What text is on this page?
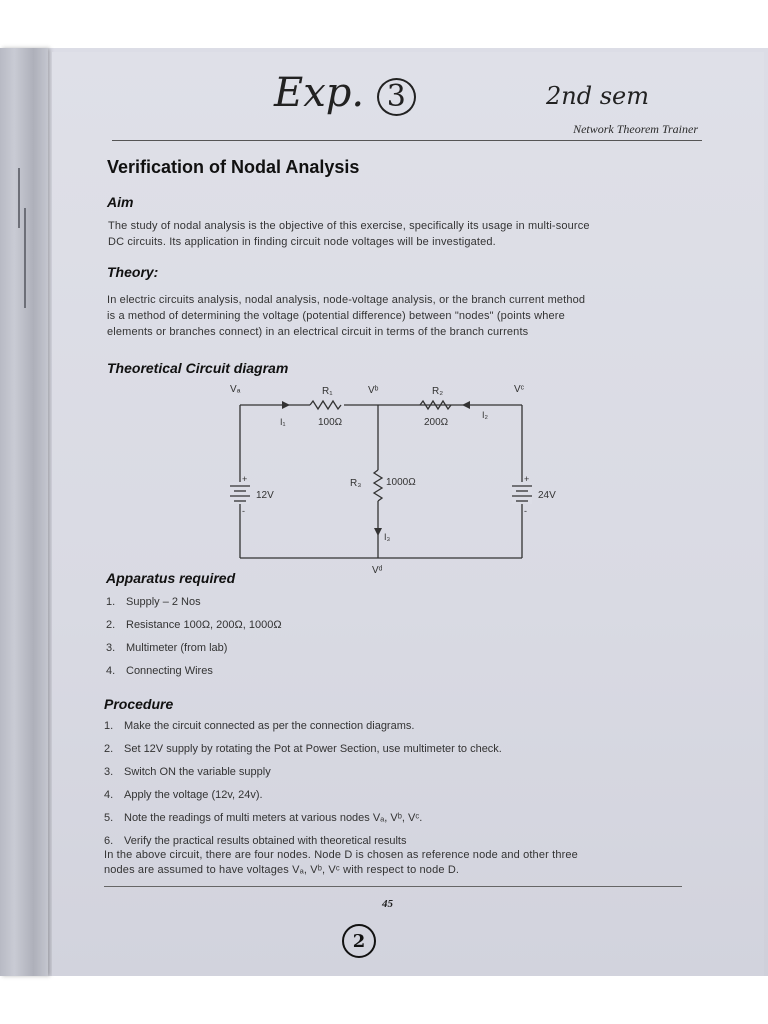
Exp. 3	2nd sem
Network Theorem Trainer
Verification of Nodal Analysis
Aim
The study of nodal analysis is the objective of this exercise, specifically its usage in multi-source
DC circuits. Its application in finding circuit node voltages will be investigated.
Theory:
In electric circuits analysis, nodal analysis, node-voltage analysis, or the branch current method
is a method of determining the voltage (potential difference) between "nodes" (points where
elements or branches connect) in an electrical circuit in terms of the branch currents
Theoretical Circuit diagram
Vₐ	Vᵇ	Vᶜ
Vᵈ
R₁
100Ω
R₂
200Ω
R₃ 1000Ω
I₁
I₂
I₃
12V	24V
+
-
+
-
Apparatus required
1. Supply – 2 Nos
2. Resistance 100Ω, 200Ω, 1000Ω
3. Multimeter (from lab)
4. Connecting Wires
Procedure
1. Make the circuit connected as per the connection diagrams.
2. Set 12V supply by rotating the Pot at Power Section, use multimeter to check.
3. Switch ON the variable supply
4. Apply the voltage (12v, 24v).
5. Note the readings of multi meters at various nodes Vₐ, Vᵇ, Vᶜ.
6. Verify the practical results obtained with theoretical results
In the above circuit, there are four nodes. Node D is chosen as reference node and other three
nodes are assumed to have voltages Vₐ, Vᵇ, Vᶜ with respect to node D.
45
2
